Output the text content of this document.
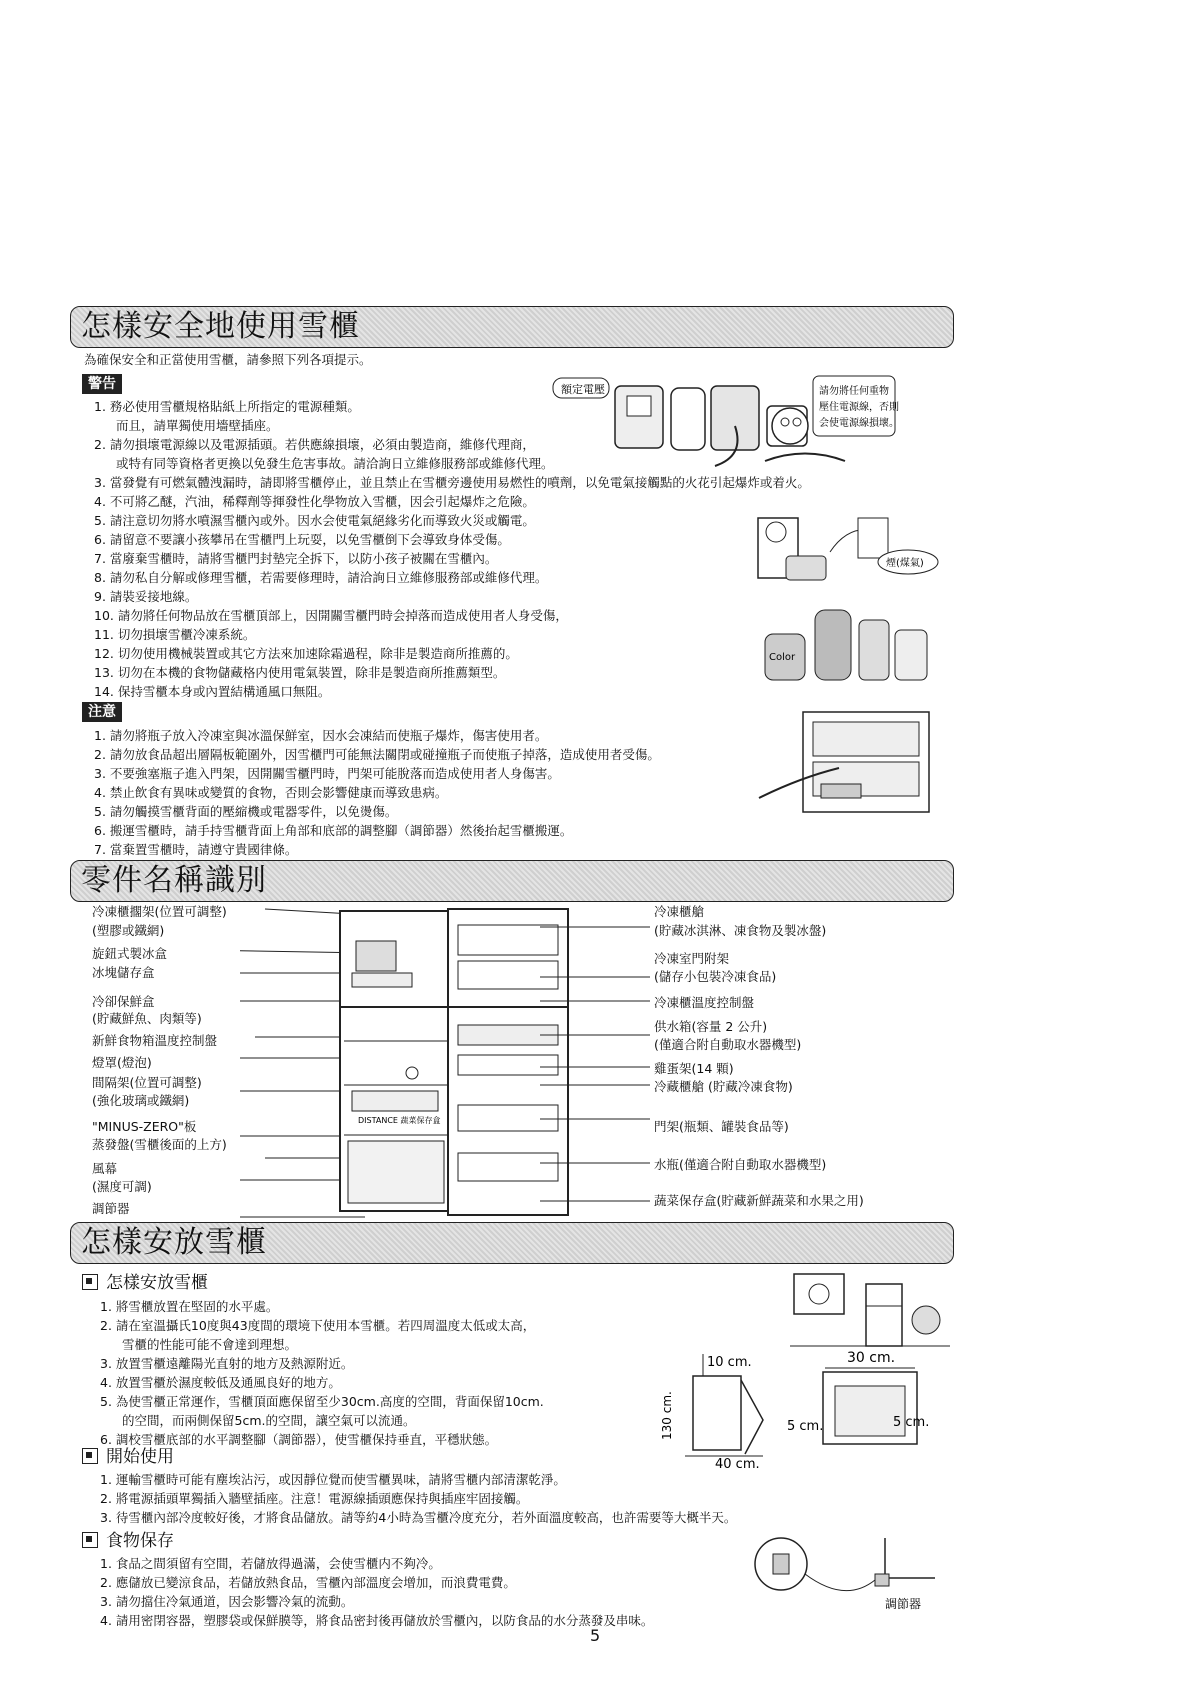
怎樣安全地使用雪櫃
為確保安全和正當使用雪櫃，請參照下列各項提示。
警告
1. 務必使用雪櫃規格貼紙上所指定的電源種類。
而且，請單獨使用墻壁插座。
2. 請勿損壞電源線以及電源插頭。若供應線損壞，必須由製造商，維修代理商，
或特有同等資格者更換以免發生危害事故。請洽詢日立維修服務部或維修代理。
3. 當發覺有可燃氣體洩漏時，請即將雪櫃停止，並且禁止在雪櫃旁邊使用易燃性的噴劑，以免電氣接觸點的火花引起爆炸或着火。
4. 不可將乙醚，汽油，稀釋劑等揮發性化學物放入雪櫃，因会引起爆炸之危險。
5. 請注意切勿將水噴濕雪櫃內或外。因水会使電氣絕緣劣化而導致火災或觸電。
6. 請留意不要讓小孩攀吊在雪櫃門上玩耍，以免雪櫃倒下会導致身体受傷。
7. 當廢棄雪櫃時，請將雪櫃門封墊完全拆下，以防小孩子被關在雪櫃內。
8. 請勿私自分解或修理雪櫃，若需要修理時，請洽詢日立維修服務部或維修代理。
9. 請裝妥接地線。
10. 請勿將任何物品放在雪櫃頂部上，因開關雪櫃門時会掉落而造成使用者人身受傷，
11. 切勿損壞雪櫃冷凍系統。
12. 切勿使用機械裝置或其它方法來加速除霜過程，除非是製造商所推薦的。
13. 切勿在本機的食物儲藏格内使用電氣裝置，除非是製造商所推薦類型。
14. 保持雪櫃本身或內置結構通風口無阻。
注意
1. 請勿將瓶子放入冷凍室與冰溫保鮮室，因水会凍結而使瓶子爆炸，傷害使用者。
2. 請勿放食品超出層隔板範圍外，因雪櫃門可能無法關閉或碰撞瓶子而使瓶子掉落，造成使用者受傷。
3. 不要強塞瓶子進入門架，因開關雪櫃門時，門架可能脫落而造成使用者人身傷害。
4. 禁止飲食有異味或變質的食物，否則会影響健康而導致患病。
5. 請勿觸摸雪櫃背面的壓縮機或電器零件，以免燙傷。
6. 搬運雪櫃時，請手持雪櫃背面上角部和底部的調整腳（調節器）然後抬起雪櫃搬運。
7. 當棄置雪櫃時，請遵守貴國律條。
額定電壓	請勿將任何重物
壓住電源線，否則
会使電源線損壞。
煙(煤氣)
Color
零件名稱識別
冷凍櫃擱架(位置可調整)
(塑膠或鐵網)
旋鈕式製冰盒
冰塊儲存盒
冷卻保鮮盒
(貯藏鮮魚、肉類等)
新鮮食物箱溫度控制盤
燈罩(燈泡)
間隔架(位置可調整)
(強化玻璃或鐵網)
"MINUS-ZERO"板
蒸發盤(雪櫃後面的上方)
風幕
(濕度可調)
調節器
冷凍櫃艙
(貯藏冰淇淋、凍食物及製冰盤)
冷凍室門附架
(儲存小包裝冷凍食品)
冷凍櫃溫度控制盤
供水箱(容量 2 公升)
(僅適合附自動取水器機型)
雞蛋架(14 顆)
冷藏櫃艙 (貯藏冷凍食物)
門架(瓶類、罐裝食品等)
水瓶(僅適合附自動取水器機型)
蔬菜保存盒(貯藏新鮮蔬菜和水果之用)
DISTANCE 蔬菜保存盒
怎樣安放雪櫃
怎樣安放雪櫃
1. 將雪櫃放置在堅固的水平處。
2. 請在室溫攝氏10度與43度間的環境下使用本雪櫃。若四周溫度太低或太高，
雪櫃的性能可能不會達到理想。
3. 放置雪櫃遠離陽光直射的地方及熱源附近。
4. 放置雪櫃於濕度較低及通風良好的地方。
5. 為使雪櫃正常運作，雪櫃頂面應保留至少30cm.高度的空間，背面保留10cm.
的空間，而兩側保留5cm.的空間，讓空氣可以流通。
6. 調校雪櫃底部的水平調整腳（調節器），使雪櫃保持垂直，平穩狀態。
開始使用
1. 運輸雪櫃時可能有塵埃沾污，或因靜位覺而使雪櫃異味，請將雪櫃内部清潔乾淨。
2. 將電源插頭單獨插入牆壁插座。注意！電源線插頭應保持與插座牢固接觸。
3. 待雪櫃內部冷度較好後，才將食品儲放。請等約4小時為雪櫃冷度充分，若外面溫度較高，也許需要等大概半天。
食物保存
1. 食品之間須留有空間，若儲放得過滿，会使雪櫃内不夠冷。
2. 應儲放已變涼食品，若儲放熱食品，雪櫃內部溫度会增加，而浪費電費。
3. 請勿擋住冷氣通道，因会影響冷氣的流動。
4. 請用密閉容器，塑膠袋或保鮮膜等，將食品密封後再儲放於雪櫃內，以防食品的水分蒸發及串味。
10 cm.
130 cm.
40 cm.
30 cm.
5 cm.	5 cm.
調節器
5
